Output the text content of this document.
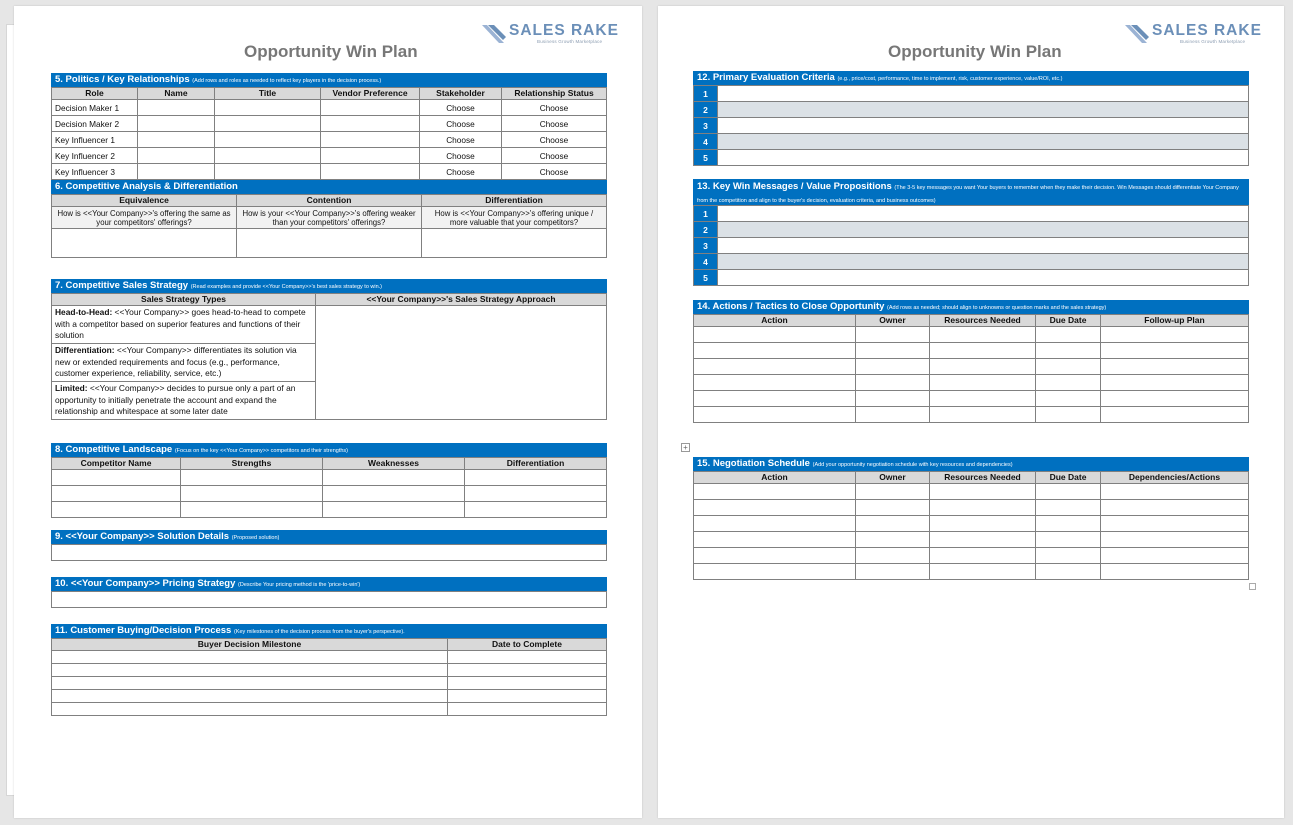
Opportunity Win Plan
SALES RAKE
Business Growth Marketplace
5. Politics / Key Relationships (Add rows and roles as needed to reflect key players in the decision process.)
Role	Name	Title	Vendor Preference	Stakeholder	Relationship Status
Decision Maker 1				Choose	Choose
Decision Maker 2				Choose	Choose
Key Influencer 1				Choose	Choose
Key Influencer 2				Choose	Choose
Key Influencer 3				Choose	Choose
6. Competitive Analysis & Differentiation
Equivalence	Contention	Differentiation
How is <<Your Company>>'s offering the same as your competitors' offerings?	How is your <<Your Company>>'s offering weaker than your competitors' offerings?	How is <<Your Company>>'s offering unique / more valuable that your competitors?

7. Competitive Sales Strategy (Read examples and provide <<Your Company>>'s best sales strategy to win.)
Sales Strategy Types	<<Your Company>>'s Sales Strategy Approach
Head-to-Head: <<Your Company>> goes head-to-head to compete with a competitor based on superior features and functions of their solution	
Differentiation: <<Your Company>> differentiates its solution via new or extended requirements and focus (e.g., performance, customer experience, reliability, service, etc.)	
Limited: <<Your Company>> decides to pursue only a part of an opportunity to initially penetrate the account and expand the relationship and whitespace at some later date	
8. Competitive Landscape (Focus on the key <<Your Company>> competitors and their strengths)
Competitor Name	Strengths	Weaknesses	Differentiation

9. <<Your Company>> Solution Details (Proposed solution)
10. <<Your Company>> Pricing Strategy (Describe Your pricing method is the 'price-to-win')
11. Customer Buying/Decision Process (Key milestones of the decision process from the buyer's perspective).
Buyer Decision Milestone	Date to Complete

Opportunity Win Plan
SALES RAKE
Business Growth Marketplace
12. Primary Evaluation Criteria (e.g., price/cost, performance, time to implement, risk, customer experience, value/ROI, etc.)
1	
2	
3	
4	
5	
13. Key Win Messages / Value Propositions (The 3-5 key messages you want Your buyers to remember when they make their decision. Win Messages should differentiate Your Company from the competition and align to the buyer's decision, evaluation criteria, and business outcomes)
1	
2	
3	
4	
5	
14. Actions / Tactics to Close Opportunity (Add rows as needed; should align to unknowns or question marks and the sales strategy)
Action	Owner	Resources Needed	Due Date	Follow-up Plan

+
15. Negotiation Schedule (Add your opportunity negotiation schedule with key resources and dependencies)
Action	Owner	Resources Needed	Due Date	Dependencies/Actions
